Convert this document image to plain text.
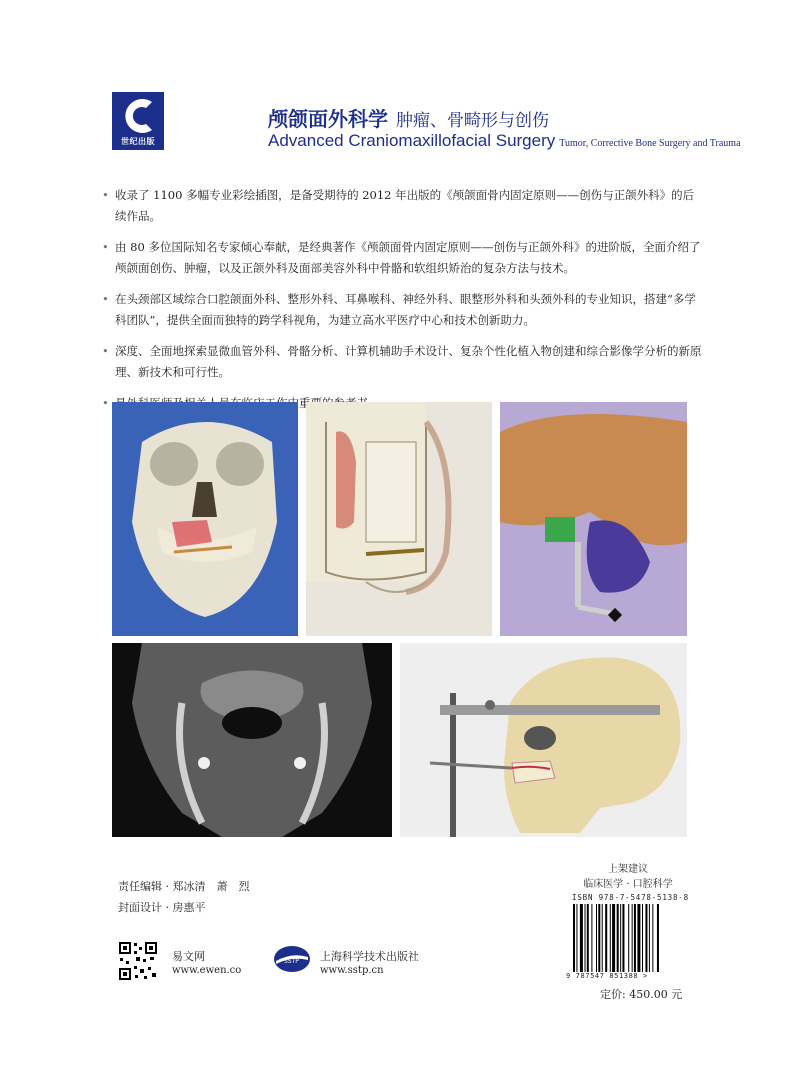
世纪出版
颅颌面外科学 肿瘤、骨畸形与创伤
Advanced Craniomaxillofacial Surgery Tumor, Corrective Bone Surgery and Trauma
• 收录了 1100 多幅专业彩绘插图，是备受期待的 2012 年出版的《颅颌面骨内固定原则——创伤与正颌外科》的后续作品。
• 由 80 多位国际知名专家倾心奉献，是经典著作《颅颌面骨内固定原则——创伤与正颌外科》的进阶版，全面介绍了颅颌面创伤、肿瘤，以及正颌外科及面部美容外科中骨骼和软组织矫治的复杂方法与技术。
• 在头颈部区域综合口腔颌面外科、整形外科、耳鼻喉科、神经外科、眼整形外科和头颈外科的专业知识，搭建“多学科团队”，提供全面而独特的跨学科视角，为建立高水平医疗中心和技术创新助力。
• 深度、全面地探索显微血管外科、骨骼分析、计算机辅助手术设计、复杂个性化植入物创建和综合影像学分析的新原理、新技术和可行性。
•
责任编辑 · 郑冰清　萧　烈
封面设计 · 房惠平
易文网
www.ewen.co
SSTP 上海科学技术出版社
www.sstp.cn
上架建议
临床医学 · 口腔科学
ISBN 978-7-5478-5138-8
9 787547 851388 >
定价: 450.00 元
